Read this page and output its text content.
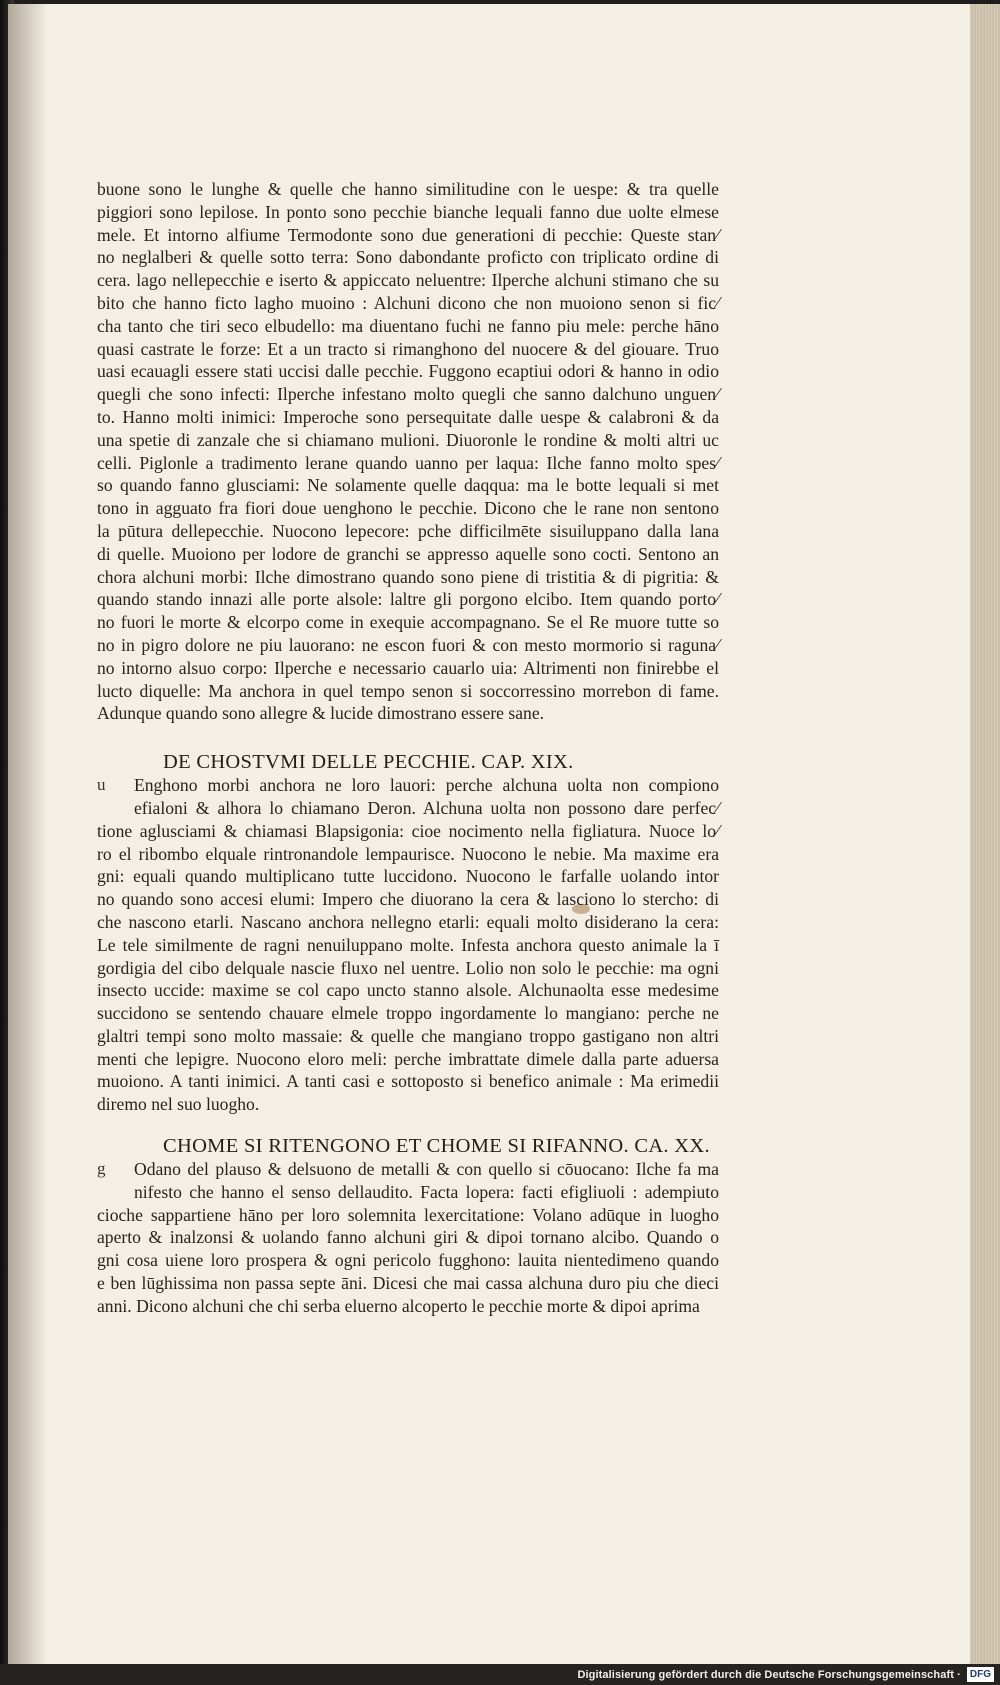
buone sono le lunghe & quelle che hanno similitudine con le uespe: & tra quelle
piggiori sono lepilose. In ponto sono pecchie bianche lequali fanno due uolte elmese
mele. Et intorno alfiume Termodonte sono due generationi di pecchie: Queste stan⁄
no neglalberi & quelle sotto terra: Sono dabondante proficto con triplicato ordine di
cera. lago nellepecchie e iserto & appiccato neluentre: Ilperche alchuni stimano che su
bito che hanno ficto lagho muoino : Alchuni dicono che non muoiono senon si fic⁄
cha tanto che tiri seco elbudello: ma diuentano fuchi ne fanno piu mele: perche hāno
quasi castrate le forze: Et a un tracto si rimanghono del nuocere & del giouare. Truo
uasi ecauagli essere stati uccisi dalle pecchie. Fuggono ecaptiui odori & hanno in odio
quegli che sono infecti: Ilperche infestano molto quegli che sanno dalchuno unguen⁄
to. Hanno molti inimici: Imperoche sono persequitate dalle uespe & calabroni & da
una spetie di zanzale che si chiamano mulioni. Diuoronle le rondine & molti altri uc
celli. Piglonle a tradimento lerane quando uanno per laqua: Ilche fanno molto spes⁄
so quando fanno glusciami: Ne solamente quelle daqqua: ma le botte lequali si met
tono in agguato fra fiori doue uenghono le pecchie. Dicono che le rane non sentono
la pūtura dellepecchie. Nuocono lepecore: pche difficilmēte sisuiluppano dalla lana
di quelle. Muoiono per lodore de granchi se appresso aquelle sono cocti. Sentono an
chora alchuni morbi: Ilche dimostrano quando sono piene di tristitia & di pigritia: &
quando stando innazi alle porte alsole: laltre gli porgono elcibo. Item quando porto⁄
no fuori le morte & elcorpo come in exequie accompagnano. Se el Re muore tutte so
no in pigro dolore ne piu lauorano: ne escon fuori & con mesto mormorio si raguna⁄
no intorno alsuo corpo: Ilperche e necessario cauarlo uia: Altrimenti non finirebbe el
lucto diquelle: Ma anchora in quel tempo senon si soccorressino morrebon di fame.
Adunque quando sono allegre & lucide dimostrano essere sane.
DE CHOSTVMI DELLE PECCHIE. CAP. XIX.
u	Enghono morbi anchora ne loro lauori: perche alchuna uolta non compiono
efialoni & alhora lo chiamano Deron. Alchuna uolta non possono dare perfec⁄
tione aglusciami & chiamasi Blapsigonia: cioe nocimento nella figliatura. Nuoce lo⁄
ro el ribombo elquale rintronandole lempaurisce. Nuocono le nebie. Ma maxime era
gni: equali quando multiplicano tutte luccidono. Nuocono le farfalle uolando intor
no quando sono accesi elumi: Impero che diuorano la cera & lasciono lo stercho: di
che nascono etarli. Nascano anchora nellegno etarli: equali molto disiderano la cera:
Le tele similmente de ragni nenuiluppano molte. Infesta anchora questo animale la ī
gordigia del cibo delquale nascie fluxo nel uentre. Lolio non solo le pecchie: ma ogni
insecto uccide: maxime se col capo uncto stanno alsole. Alchunaolta esse medesime
succidono se sentendo chauare elmele troppo ingordamente lo mangiano: perche ne
glaltri tempi sono molto massaie: & quelle che mangiano troppo gastigano non altri
menti che lepigre. Nuocono eloro meli: perche imbrattate dimele dalla parte aduersa
muoiono. A tanti inimici. A tanti casi e sottoposto si benefico animale : Ma erimedii
diremo nel suo luogho.
CHOME SI RITENGONO ET CHOME SI RIFANNO. CA. XX.
g	Odano del plauso & delsuono de metalli & con quello si cōuocano: Ilche fa ma
nifesto che hanno el senso dellaudito. Facta lopera: facti efigliuoli : adempiuto
cioche sappartiene hāno per loro solemnita lexercitatione: Volano adūque in luogho
aperto & inalzonsi & uolando fanno alchuni giri & dipoi tornano alcibo. Quando o
gni cosa uiene loro prospera & ogni pericolo fugghono: lauita nientedimeno quando
e ben lūghissima non passa septe āni. Dicesi che mai cassa alchuna duro piu che dieci
anni. Dicono alchuni che chi serba eluerno alcoperto le pecchie morte & dipoi aprima
Digitalisierung gefördert durch die Deutsche Forschungsgemeinschaft · DFG
